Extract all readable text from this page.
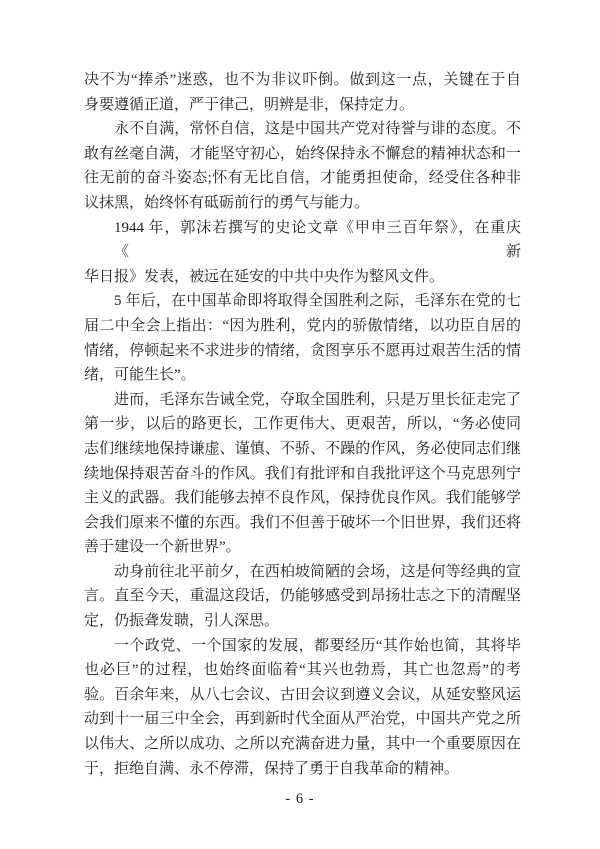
决不为“捧杀”迷惑，也不为非议吓倒。做到这一点，关键在于自
身要遵循正道，严于律己，明辨是非，保持定力。
永不自满，常怀自信，这是中国共产党对待誉与诽的态度。不
敢有丝毫自满，才能坚守初心，始终保持永不懈怠的精神状态和一
往无前的奋斗姿态;怀有无比自信，才能勇担使命，经受住各种非
议抹黑，始终怀有砥砺前行的勇气与能力。
1944 年，郭沫若撰写的史论文章《甲申三百年祭》，在重庆《新
华日报》发表，被远在延安的中共中央作为整风文件。
5 年后，在中国革命即将取得全国胜利之际，毛泽东在党的七
届二中全会上指出：“因为胜利，党内的骄傲情绪，以功臣自居的
情绪，停顿起来不求进步的情绪，贪图享乐不愿再过艰苦生活的情
绪，可能生长”。
进而，毛泽东告诫全党，夺取全国胜利，只是万里长征走完了
第一步，以后的路更长，工作更伟大、更艰苦，所以，“务必使同
志们继续地保持谦虚、谨慎、不骄、不躁的作风，务必使同志们继
续地保持艰苦奋斗的作风。我们有批评和自我批评这个马克思列宁
主义的武器。我们能够去掉不良作风，保持优良作风。我们能够学
会我们原来不懂的东西。我们不但善于破坏一个旧世界，我们还将
善于建设一个新世界”。
动身前往北平前夕，在西柏坡简陋的会场，这是何等经典的宣
言。直至今天，重温这段话，仍能够感受到昂扬壮志之下的清醒坚
定，仍振聋发聩，引人深思。
一个政党、一个国家的发展，都要经历“其作始也简，其将毕
也必巨”的过程，也始终面临着“其兴也勃焉，其亡也忽焉”的考
验。百余年来，从八七会议、古田会议到遵义会议，从延安整风运
动到十一届三中全会，再到新时代全面从严治党，中国共产党之所
以伟大、之所以成功、之所以充满奋进力量，其中一个重要原因在
于，拒绝自满、永不停滞，保持了勇于自我革命的精神。
- 6 -
